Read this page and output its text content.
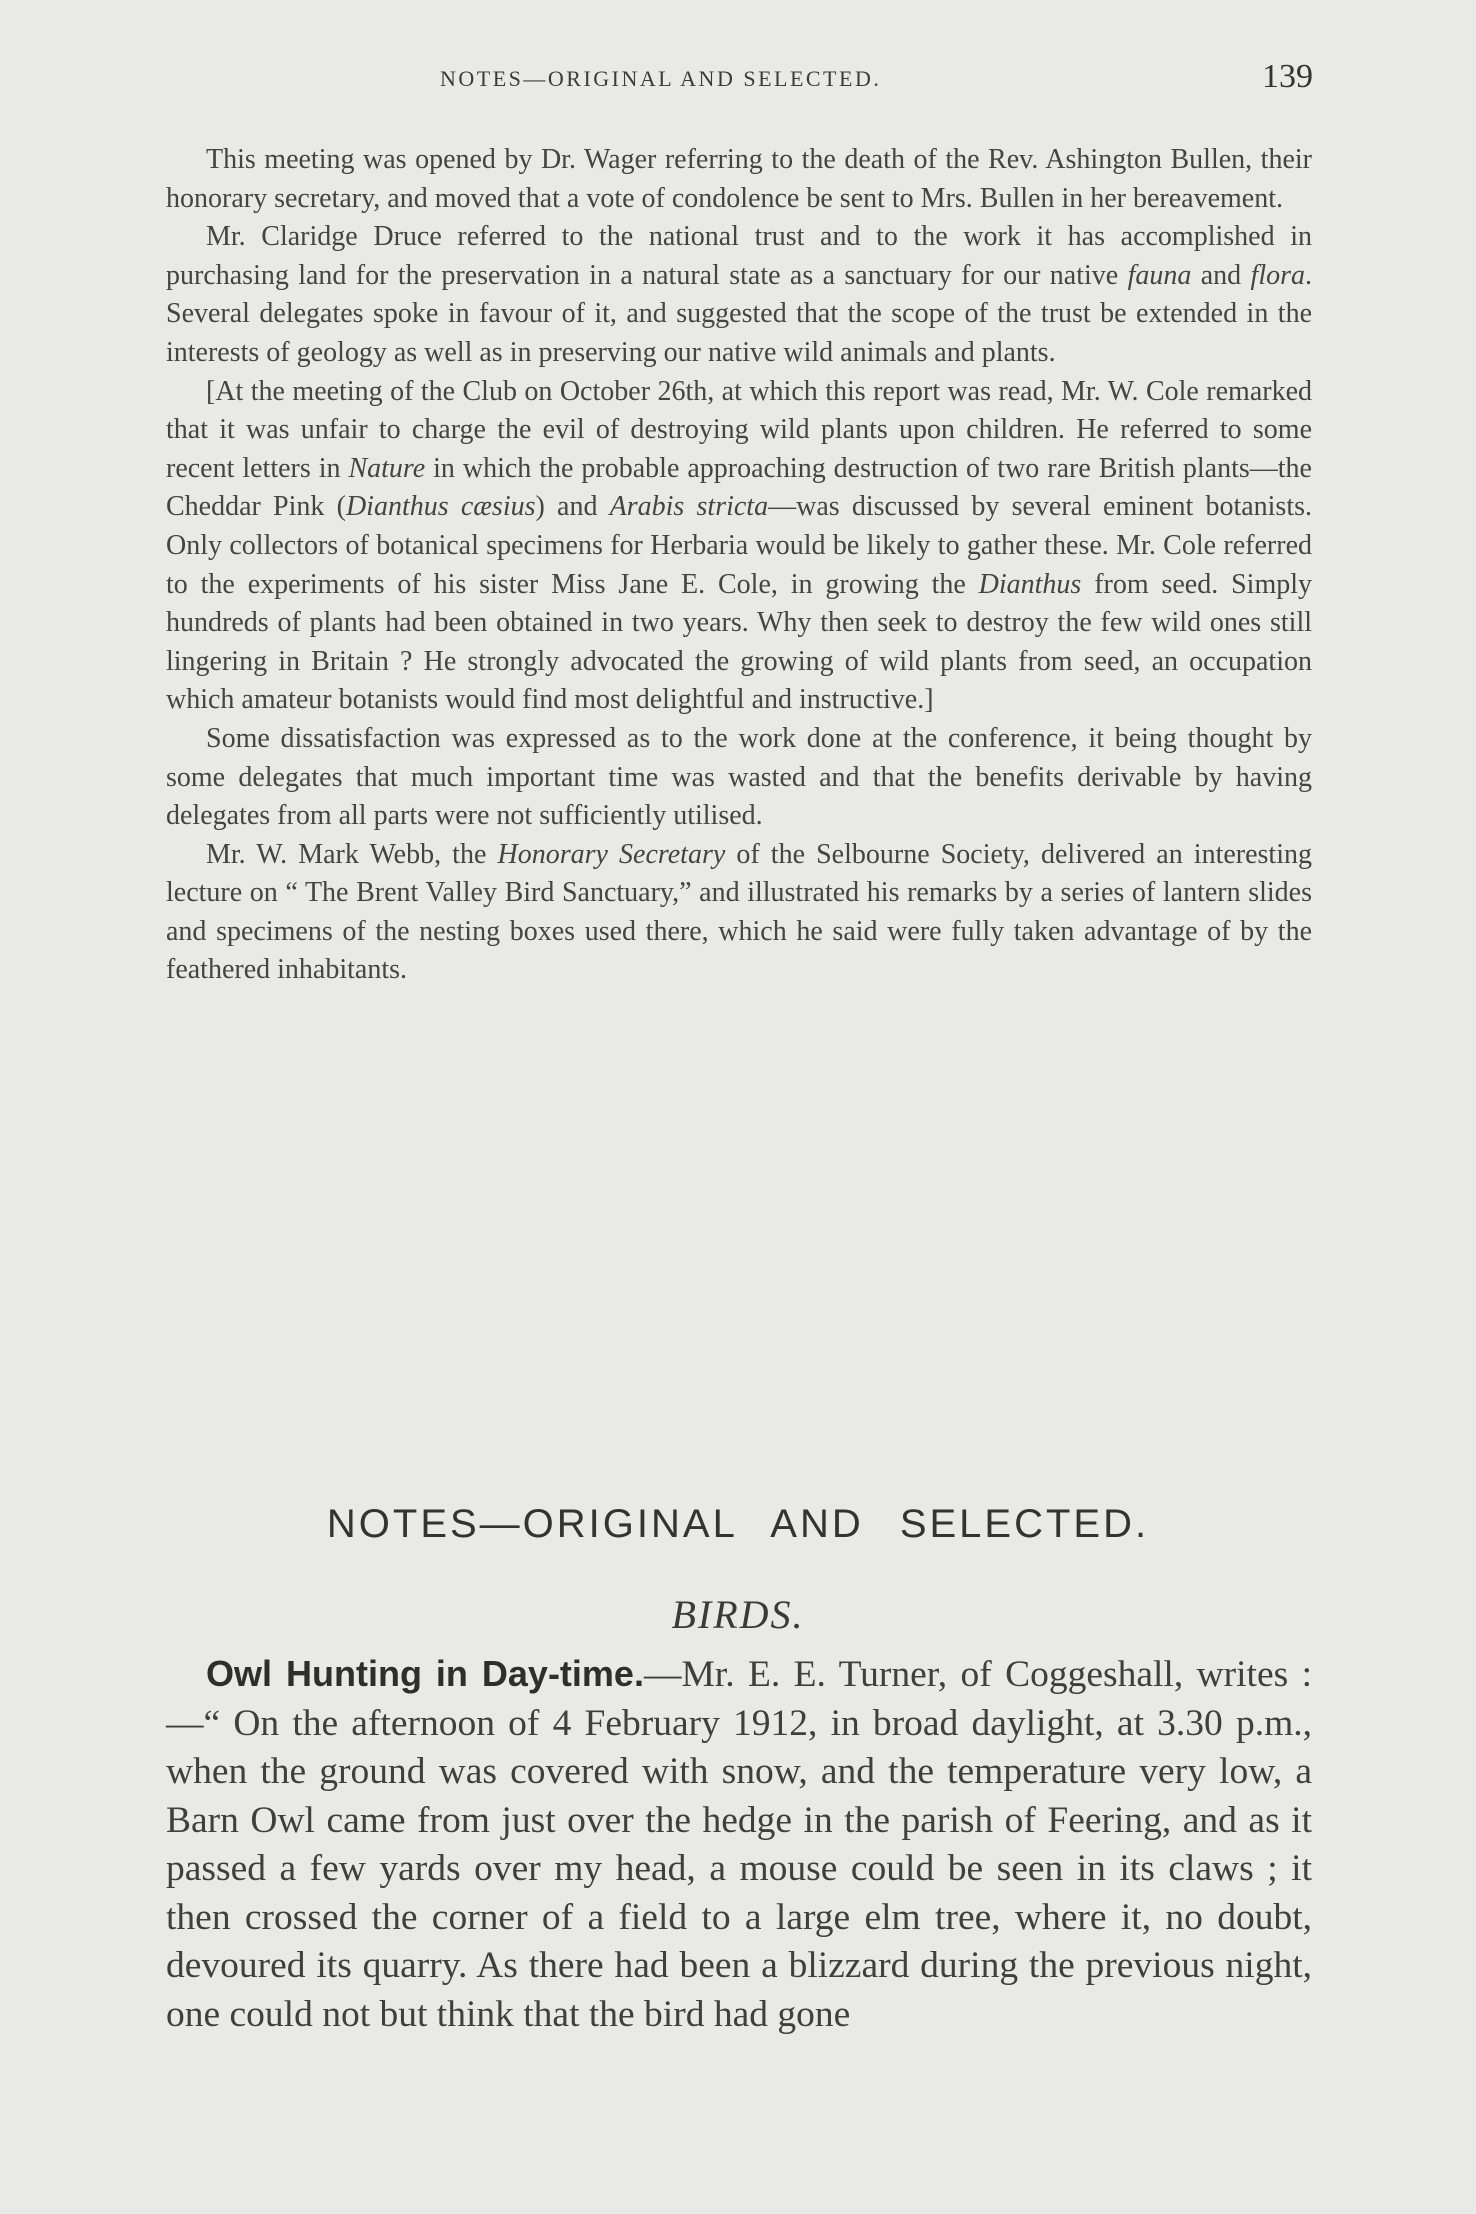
NOTES—ORIGINAL AND SELECTED.	139

This meeting was opened by Dr. Wager referring to the death of the Rev. Ashington Bullen, their honorary secretary, and moved that a vote of condolence be sent to Mrs. Bullen in her bereavement.

Mr. Claridge Druce referred to the national trust and to the work it has accomplished in purchasing land for the preservation in a natural state as a sanctuary for our native fauna and flora. Several delegates spoke in favour of it, and suggested that the scope of the trust be extended in the interests of geology as well as in preserving our native wild animals and plants.

[At the meeting of the Club on October 26th, at which this report was read, Mr. W. Cole remarked that it was unfair to charge the evil of destroying wild plants upon children. He referred to some recent letters in Nature in which the probable approaching destruction of two rare British plants—the Cheddar Pink (Dianthus cæsius) and Arabis stricta—was discussed by several eminent botanists. Only collectors of botanical specimens for Herbaria would be likely to gather these. Mr. Cole referred to the experiments of his sister Miss Jane E. Cole, in growing the Dianthus from seed. Simply hundreds of plants had been obtained in two years. Why then seek to destroy the few wild ones still lingering in Britain ? He strongly advocated the growing of wild plants from seed, an occupation which amateur botanists would find most delightful and instructive.]

Some dissatisfaction was expressed as to the work done at the conference, it being thought by some delegates that much important time was wasted and that the benefits derivable by having delegates from all parts were not sufficiently utilised.

Mr. W. Mark Webb, the Honorary Secretary of the Selbourne Society, delivered an interesting lecture on “ The Brent Valley Bird Sanctuary,” and illustrated his remarks by a series of lantern slides and specimens of the nesting boxes used there, which he said were fully taken advantage of by the feathered inhabitants.

NOTES—ORIGINAL AND SELECTED.
BIRDS.

Owl Hunting in Day-time.—Mr. E. E. Turner, of Coggeshall, writes :—“ On the afternoon of 4 February 1912, in broad daylight, at 3.30 p.m., when the ground was covered with snow, and the temperature very low, a Barn Owl came from just over the hedge in the parish of Feering, and as it passed a few yards over my head, a mouse could be seen in its claws ; it then crossed the corner of a field to a large elm tree, where it, no doubt, devoured its quarry. As there had been a blizzard during the previous night, one could not but think that the bird had gone
